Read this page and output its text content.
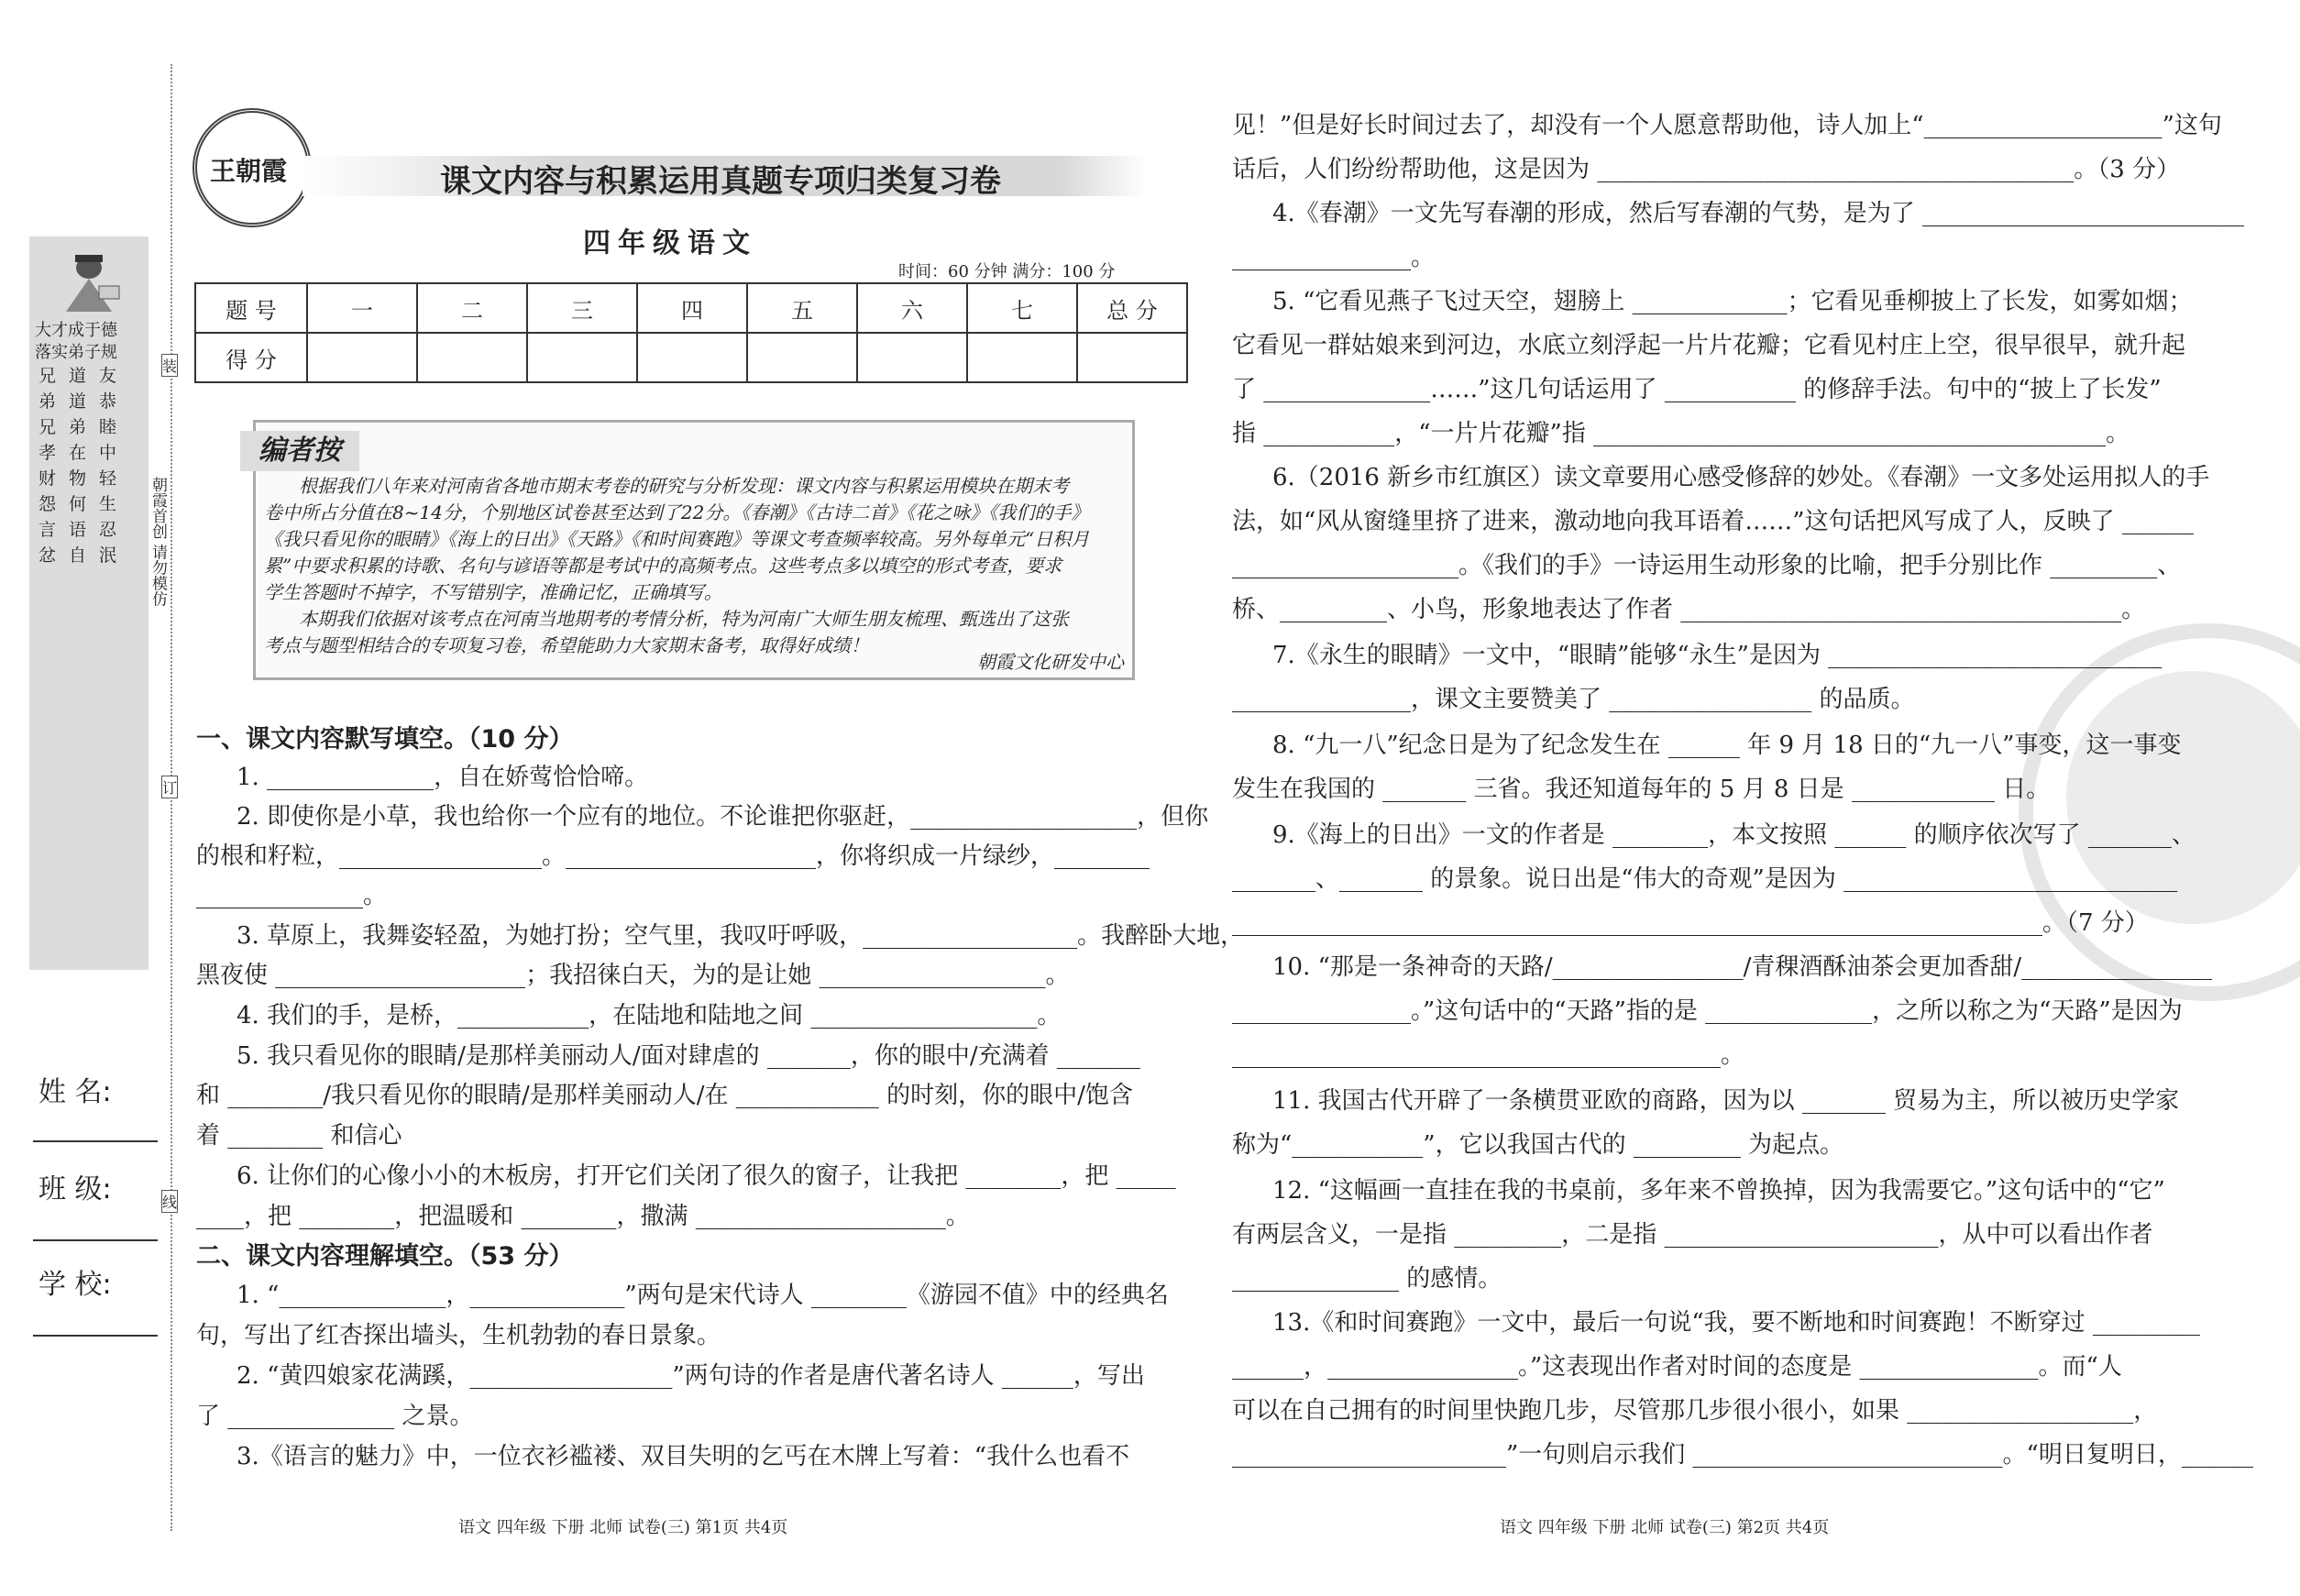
大才成于德
落实弟子规
兄道友
弟道恭
兄弟睦
孝在中
财物轻
怨何生
言语忍
忿自泯
姓 名:
班 级:
学 校:
装
订
线
朝霞首创 请勿模仿
王朝霞	课文内容与积累运用真题专项归类复习卷
四年级语文
时间：60 分钟 满分：100 分
题 号	一	二	三	四	五	六	七	总 分
得 分								
编者按
根据我们八年来对河南省各地市期末考卷的研究与分析发现：课文内容与积累运用模块在期末考
卷中所占分值在8~14分，个别地区试卷甚至达到了22分。《春潮》《古诗二首》《花之咏》《我们的手》
《我只看见你的眼睛》《海上的日出》《天路》《和时间赛跑》等课文考查频率较高。另外每单元“日积月
累”中要求积累的诗歌、名句与谚语等都是考试中的高频考点。这些考点多以填空的形式考查，要求
学生答题时不掉字，不写错别字，准确记忆，正确填写。
本期我们依据对该考点在河南当地期考的考情分析，特为河南广大师生朋友梳理、甄选出了这张
考点与题型相结合的专项复习卷，希望能助力大家期末备考，取得好成绩！
朝霞文化研发中心
一、课文内容默写填空。（10 分）
1. ______________，自在娇莺恰恰啼。
2. 即使你是小草，我也给你一个应有的地位。不论谁把你驱赶，___________________，但你
的根和籽粒，_________________。_____________________，你将织成一片绿纱，________
______________。
3. 草原上，我舞姿轻盈，为她打扮；空气里，我叹吁呼吸，__________________。我醉卧大地，
黑夜使 _____________________；我招徕白天，为的是让她 ___________________。
4. 我们的手，是桥，___________，在陆地和陆地之间 ___________________。
5. 我只看见你的眼睛/是那样美丽动人/面对肆虐的 _______，你的眼中/充满着 _______
和 ________/我只看见你的眼睛/是那样美丽动人/在 ____________ 的时刻，你的眼中/饱含
着 ________ 和信心
6. 让你们的心像小小的木板房，打开它们关闭了很久的窗子，让我把 ________，把 _____
____，把 ________，把温暖和 ________，撒满 _____________________。
二、课文内容理解填空。（53 分）
1. “______________，_____________”两句是宋代诗人 ________《游园不值》中的经典名
句，写出了红杏探出墙头，生机勃勃的春日景象。
2. “黄四娘家花满蹊，_________________”两句诗的作者是唐代著名诗人 ______，写出
了 ______________ 之景。
3.《语言的魅力》中，一位衣衫褴褛、双目失明的乞丐在木牌上写着：“我什么也看不
语文 四年级 下册 北师 试卷(三) 第1页 共4页
见！”但是好长时间过去了，却没有一个人愿意帮助他，诗人加上“____________________”这句
话后，人们纷纷帮助他，这是因为 ________________________________________。（3 分）
4.《春潮》一文先写春潮的形成，然后写春潮的气势，是为了 ___________________________
_______________。
5. “它看见燕子飞过天空，翅膀上 _____________；它看见垂柳披上了长发，如雾如烟；
它看见一群姑娘来到河边，水底立刻浮起一片片花瓣；它看见村庄上空，很早很早，就升起
了 ______________……”这几句话运用了 ___________ 的修辞手法。句中的“披上了长发”
指 ___________，“一片片花瓣”指 ___________________________________________。
6.（2016 新乡市红旗区）读文章要用心感受修辞的妙处。《春潮》一文多处运用拟人的手
法，如“风从窗缝里挤了进来，激动地向我耳语着……”这句话把风写成了人，反映了 ______
___________________。《我们的手》一诗运用生动形象的比喻，把手分别比作 _________、
桥、_________、小鸟，形象地表达了作者 _____________________________________。
7.《永生的眼睛》一文中，“眼睛”能够“永生”是因为 ____________________________
_______________，课文主要赞美了 _________________ 的品质。
8. “九一八”纪念日是为了纪念发生在 ______ 年 9 月 18 日的“九一八”事变，这一事变
发生在我国的 _______ 三省。我还知道每年的 5 月 8 日是 ____________ 日。
9.《海上的日出》一文的作者是 ________，本文按照 ______ 的顺序依次写了 _______、
_______、_______ 的景象。说日出是“伟大的奇观”是因为 ____________________________
____________________________________________________________________。（7 分）
10. “那是一条神奇的天路/________________/青稞酒酥油茶会更加香甜/________________
_______________。”这句话中的“天路”指的是 ______________，之所以称之为“天路”是因为
_________________________________________。
11. 我国古代开辟了一条横贯亚欧的商路，因为以 _______ 贸易为主，所以被历史学家
称为“___________”，它以我国古代的 _________ 为起点。
12. “这幅画一直挂在我的书桌前，多年来不曾换掉，因为我需要它。”这句话中的“它”
有两层含义，一是指 _________，二是指 _______________________，从中可以看出作者
______________ 的感情。
13.《和时间赛跑》一文中，最后一句说“我，要不断地和时间赛跑！不断穿过 _________
______，________________。”这表现出作者对时间的态度是 _______________。而“人
可以在自己拥有的时间里快跑几步，尽管那几步很小很小，如果 ___________________，
_______________________”一句则启示我们 __________________________。“明日复明日，______
语文 四年级 下册 北师 试卷(三) 第2页 共4页
